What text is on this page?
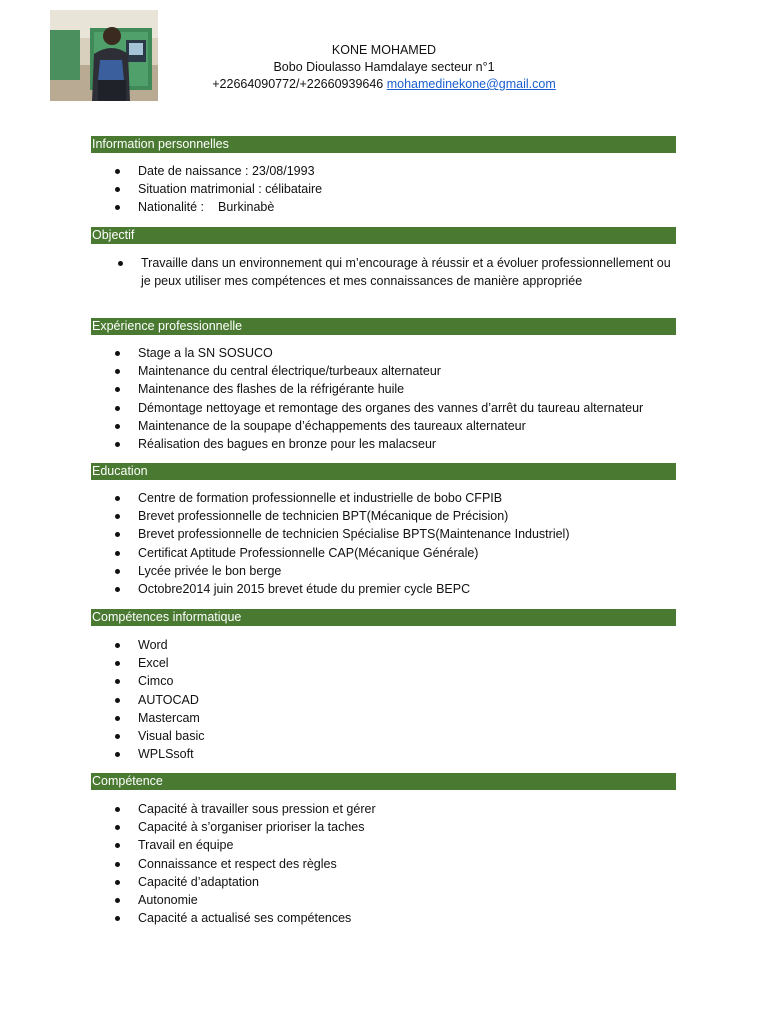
KONE MOHAMED
Bobo Dioulasso Hamdalaye secteur n°1
+22664090772/+22660939646 mohamedinekone@gmail.com
Information personnelles
Date de naissance : 23/08/1993
Situation matrimonial : célibataire
Nationalité : Burkinabè
Objectif
Travaille dans un environnement qui m’encourage à réussir et a évoluer professionnellement ou je peux utiliser mes compétences et mes connaissances de manière appropriée
Expérience professionnelle
Stage a la SN SOSUCO
Maintenance du central électrique/turbeaux alternateur
Maintenance des flashes de la réfrigérante huile
Démontage nettoyage et remontage des organes des vannes d’arrêt du taureau alternateur
Maintenance de la soupape d’échappements des taureaux alternateur
Réalisation des bagues en bronze pour les malacseur
Education
Centre de formation professionnelle et industrielle de bobo CFPIB
Brevet professionnelle de technicien BPT(Mécanique de Précision)
Brevet professionnelle de technicien Spécialise BPTS(Maintenance Industriel)
Certificat Aptitude Professionnelle CAP(Mécanique Générale)
Lycée privée le bon berge
Octobre2014 juin 2015 brevet étude du premier cycle BEPC
Compétences informatique
Word
Excel
Cimco
AUTOCAD
Mastercam
Visual basic
WPLSsoft
Compétence
Capacité à travailler sous pression et gérer
Capacité à s’organiser prioriser la taches
Travail en équipe
Connaissance et respect des règles
Capacité d’adaptation
Autonomie
Capacité a actualisé ses compétences
